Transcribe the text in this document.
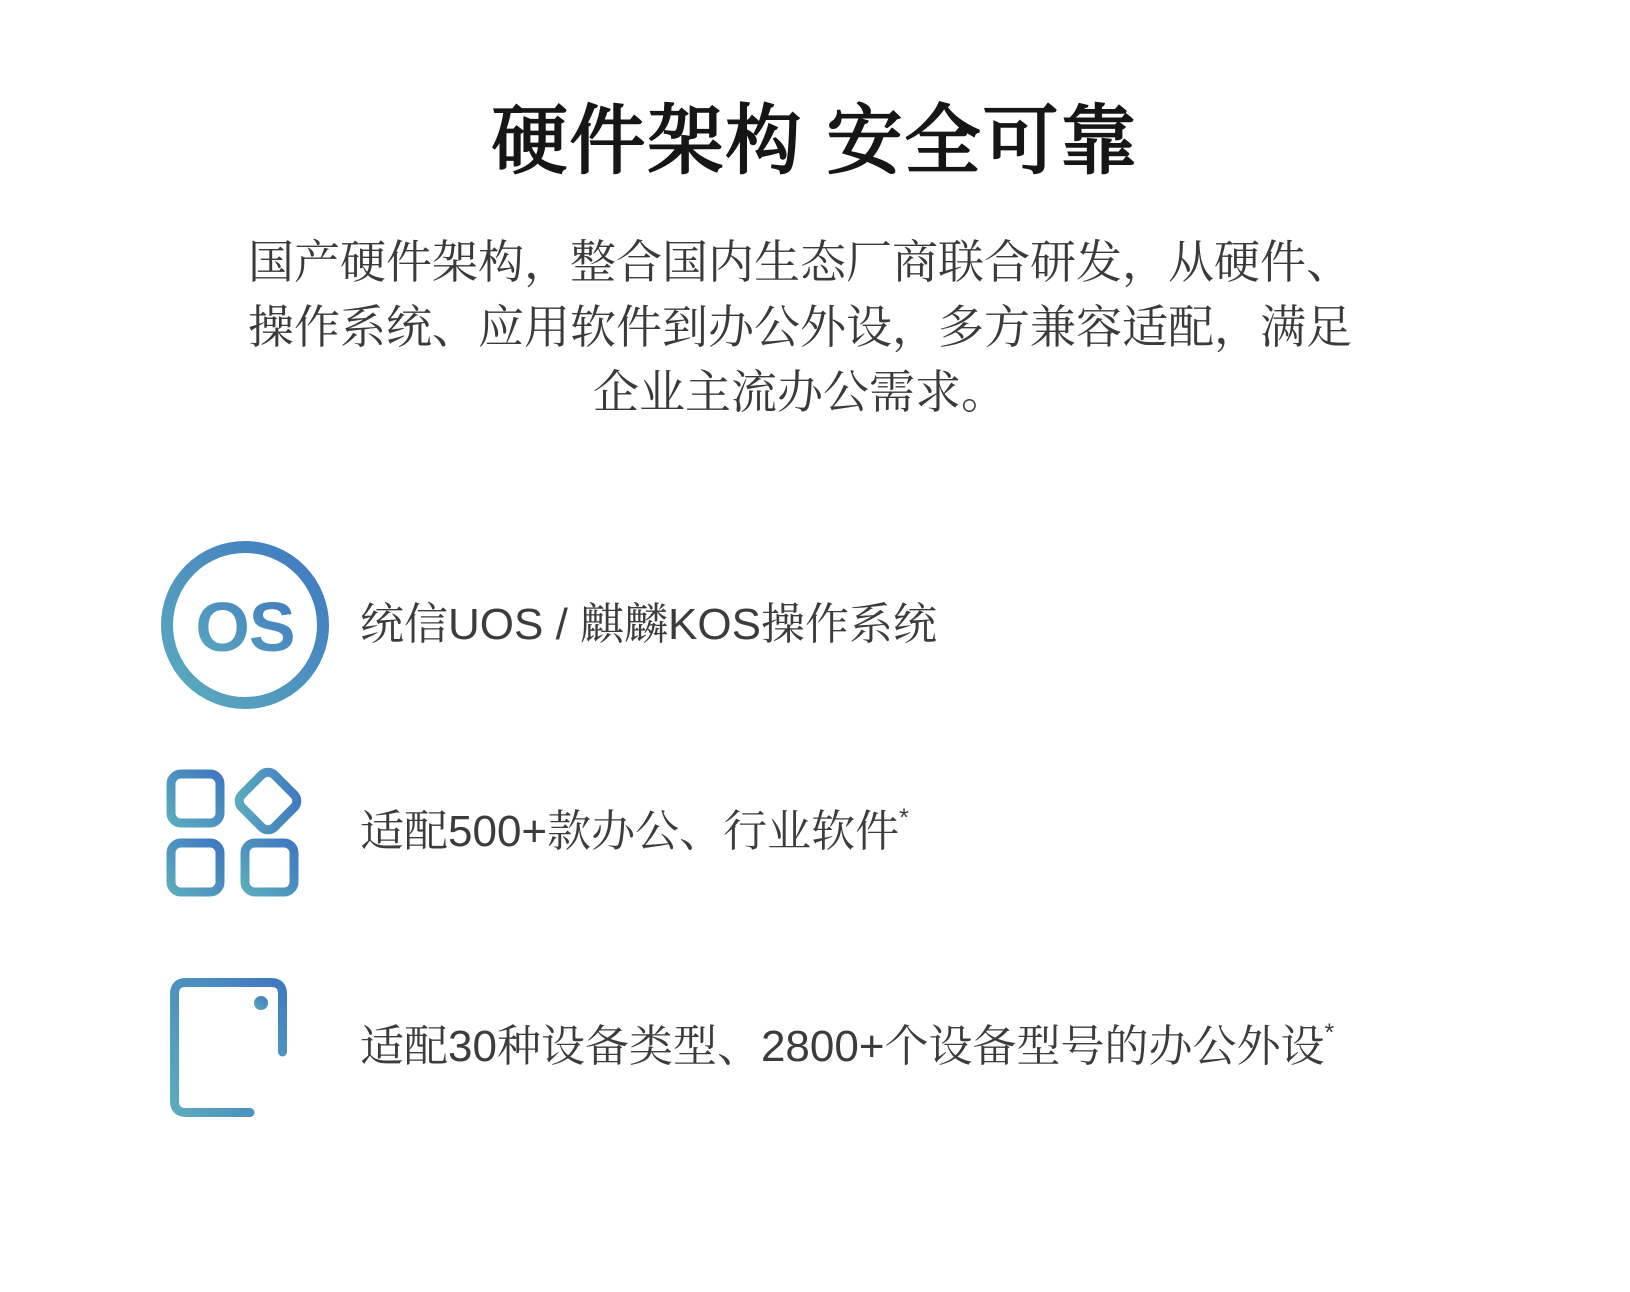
硬件架构 安全可靠
国产硬件架构，整合国内生态厂商联合研发，从硬件、
操作系统、应用软件到办公外设，多方兼容适配，满足
企业主流办公需求。
OS 统信UOS / 麒麟KOS操作系统
适配500+款办公、行业软件*
适配30种设备类型、2800+个设备型号的办公外设*
